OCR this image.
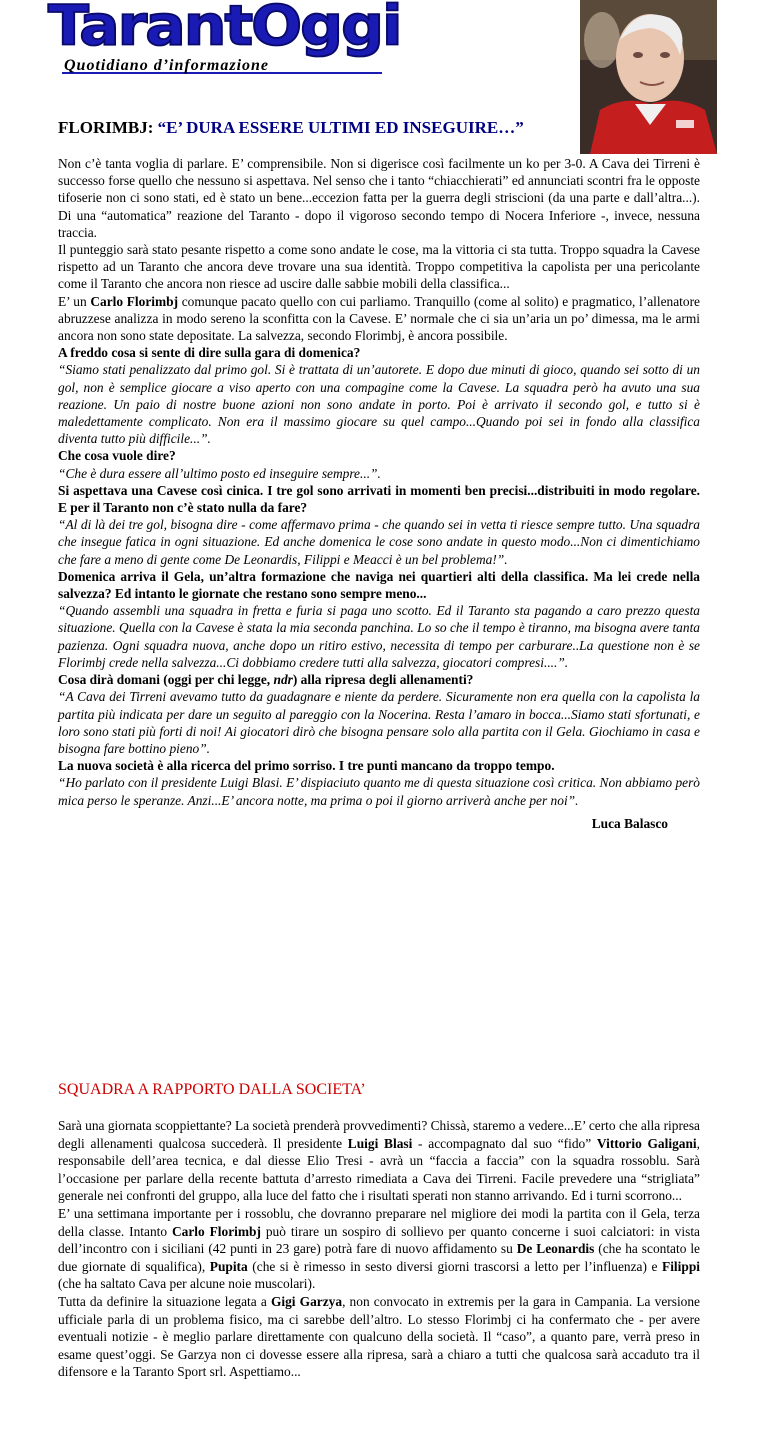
TarantOggi
Quotidiano d’informazione
FLORIMBJ: “E’ DURA ESSERE ULTIMI ED INSEGUIRE…”

Non c’è tanta voglia di parlare. E’ comprensibile. Non si digerisce così facilmente un ko per 3-0. A Cava dei Tirreni è successo forse quello che nessuno si aspettava. Nel senso che i tanto “chiacchierati” ed annunciati scontri fra le opposte tifoserie non ci sono stati, ed è stato un bene...eccezion fatta per la guerra degli striscioni (da una parte e dall’altra...). Di una “automatica” reazione del Taranto - dopo il vigoroso secondo tempo di Nocera Inferiore -, invece, nessuna traccia.

Il punteggio sarà stato pesante rispetto a come sono andate le cose, ma la vittoria ci sta tutta. Troppo squadra la Cavese rispetto ad un Taranto che ancora deve trovare una sua identità. Troppo competitiva la capolista per una pericolante come il Taranto che ancora non riesce ad uscire dalle sabbie mobili della classifica...

E’ un Carlo Florimbj comunque pacato quello con cui parliamo. Tranquillo (come al solito) e pragmatico, l’allenatore abruzzese analizza in modo sereno la sconfitta con la Cavese. E’ normale che ci sia un’aria un po’ dimessa, ma le armi ancora non sono state depositate. La salvezza, secondo Florimbj, è ancora possibile.

A freddo cosa si sente di dire sulla gara di domenica?

“Siamo stati penalizzato dal primo gol. Si è trattata di un’autorete. E dopo due minuti di gioco, quando sei sotto di un gol, non è semplice giocare a viso aperto con una compagine come la Cavese. La squadra però ha avuto una sua reazione. Un paio di nostre buone azioni non sono andate in porto. Poi è arrivato il secondo gol, e tutto si è maledettamente complicato. Non era il massimo giocare su quel campo...Quando poi sei in fondo alla classifica diventa tutto più difficile...”.

Che cosa vuole dire?

“Che è dura essere all’ultimo posto ed inseguire sempre...”.

Si aspettava una Cavese così cinica. I tre gol sono arrivati in momenti ben precisi...distribuiti in modo regolare. E per il Taranto non c’è stato nulla da fare?

“Al di là dei tre gol, bisogna dire - come affermavo prima - che quando sei in vetta ti riesce sempre tutto. Una squadra che insegue fatica in ogni situazione. Ed anche domenica le cose sono andate in questo modo...Non ci dimentichiamo che fare a meno di gente come De Leonardis, Filippi e Meacci è un bel problema!”.

Domenica arriva il Gela, un’altra formazione che naviga nei quartieri alti della classifica. Ma lei crede nella salvezza? Ed intanto le giornate che restano sono sempre meno...

“Quando assembli una squadra in fretta e furia si paga uno scotto. Ed il Taranto sta pagando a caro prezzo questa situazione. Quella con la Cavese è stata la mia seconda panchina. Lo so che il tempo è tiranno, ma bisogna avere tanta pazienza. Ogni squadra nuova, anche dopo un ritiro estivo, necessita di tempo per carburare..La questione non è se Florimbj crede nella salvezza...Ci dobbiamo credere tutti alla salvezza, giocatori compresi....”.

Cosa dirà domani (oggi per chi legge, ndr) alla ripresa degli allenamenti?

“A Cava dei Tirreni avevamo tutto da guadagnare e niente da perdere. Sicuramente non era quella con la capolista la partita più indicata per dare un seguito al pareggio con la Nocerina. Resta l’amaro in bocca...Siamo stati sfortunati, e loro sono stati più forti di noi! Ai giocatori dirò che bisogna pensare solo alla partita con il Gela. Giochiamo in casa e bisogna fare bottino pieno”.

La nuova società è alla ricerca del primo sorriso. I tre punti mancano da troppo tempo.

“Ho parlato con il presidente Luigi Blasi. E’ dispiaciuto quanto me di questa situazione così critica. Non abbiamo però mica perso le speranze. Anzi...E’ ancora notte, ma prima o poi il giorno arriverà anche per noi”.

Luca Balasco
SQUADRA A RAPPORTO DALLA SOCIETA’

Sarà una giornata scoppiettante? La società prenderà provvedimenti? Chissà, staremo a vedere...E’ certo che alla ripresa degli allenamenti qualcosa succederà. Il presidente Luigi Blasi - accompagnato dal suo “fido” Vittorio Galigani, responsabile dell’area tecnica, e dal diesse Elio Tresi - avrà un “faccia a faccia” con la squadra rossoblu. Sarà l’occasione per parlare della recente battuta d’arresto rimediata a Cava dei Tirreni. Facile prevedere una “strigliata” generale nei confronti del gruppo, alla luce del fatto che i risultati sperati non stanno arrivando. Ed i turni scorrono...

E’ una settimana importante per i rossoblu, che dovranno preparare nel migliore dei modi la partita con il Gela, terza della classe. Intanto Carlo Florimbj può tirare un sospiro di sollievo per quanto concerne i suoi calciatori: in vista dell’incontro con i siciliani (42 punti in 23 gare) potrà fare di nuovo affidamento su De Leonardis (che ha scontato le due giornate di squalifica), Pupita (che si è rimesso in sesto diversi giorni trascorsi a letto per l’influenza) e Filippi (che ha saltato Cava per alcune noie muscolari).

Tutta da definire la situazione legata a Gigi Garzya, non convocato in extremis per la gara in Campania. La versione ufficiale parla di un problema fisico, ma ci sarebbe dell’altro. Lo stesso Florimbj ci ha confermato che - per avere eventuali notizie - è meglio parlare direttamente con qualcuno della società. Il “caso”, a quanto pare, verrà preso in esame quest’oggi. Se Garzya non ci dovesse essere alla ripresa, sarà a chiaro a tutti che qualcosa sarà accaduto tra il difensore e la Taranto Sport srl. Aspettiamo...
